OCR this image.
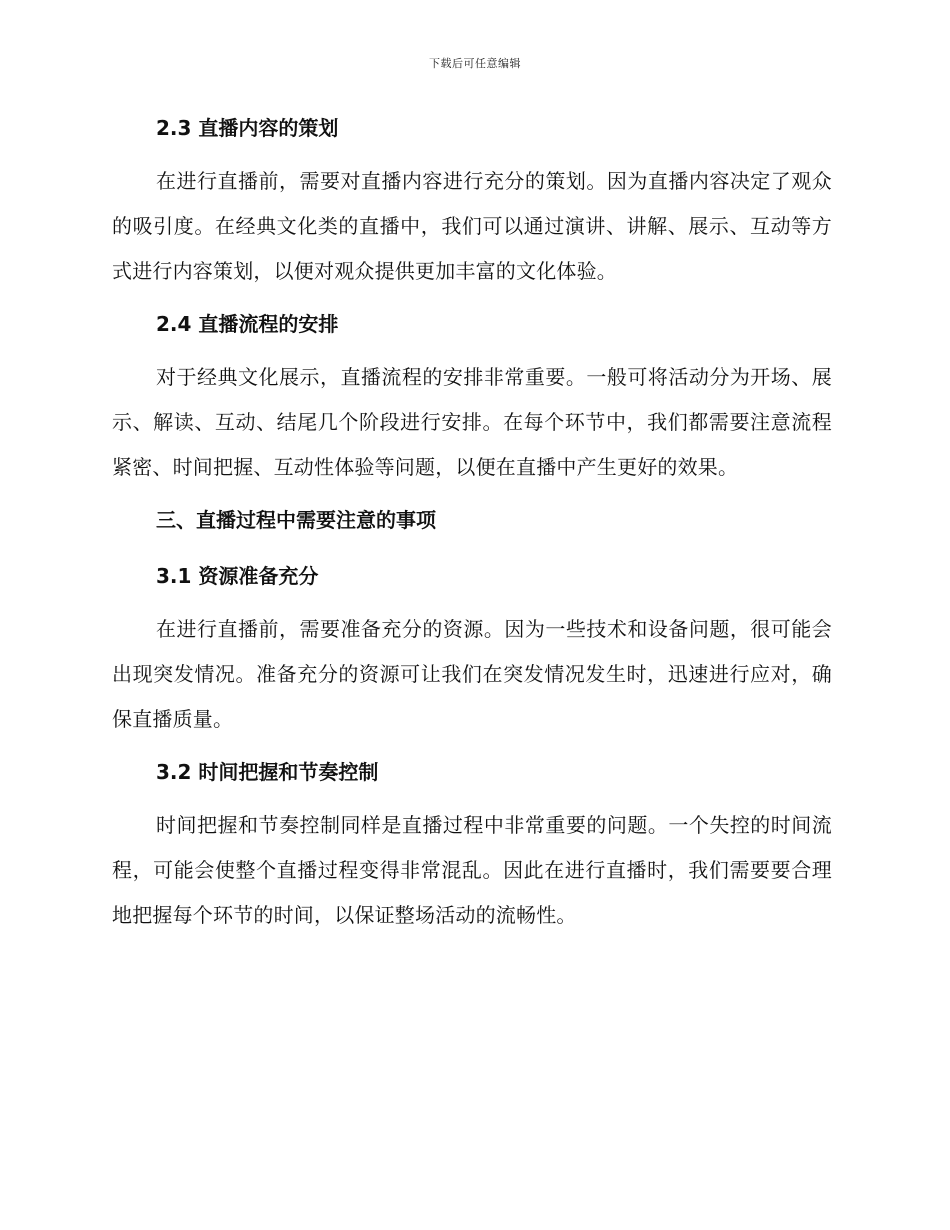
下载后可任意编辑
2.3 直播内容的策划

在进行直播前，需要对直播内容进行充分的策划。因为直播内容决定了观众的吸引度。在经典文化类的直播中，我们可以通过演讲、讲解、展示、互动等方式进行内容策划，以便对观众提供更加丰富的文化体验。

2.4 直播流程的安排

对于经典文化展示，直播流程的安排非常重要。一般可将活动分为开场、展示、解读、互动、结尾几个阶段进行安排。在每个环节中，我们都需要注意流程紧密、时间把握、互动性体验等问题，以便在直播中产生更好的效果。

三、直播过程中需要注意的事项
3.1 资源准备充分

在进行直播前，需要准备充分的资源。因为一些技术和设备问题，很可能会出现突发情况。准备充分的资源可让我们在突发情况发生时，迅速进行应对，确保直播质量。

3.2 时间把握和节奏控制

时间把握和节奏控制同样是直播过程中非常重要的问题。一个失控的时间流程，可能会使整个直播过程变得非常混乱。因此在进行直播时，我们需要要合理地把握每个环节的时间，以保证整场活动的流畅性。
